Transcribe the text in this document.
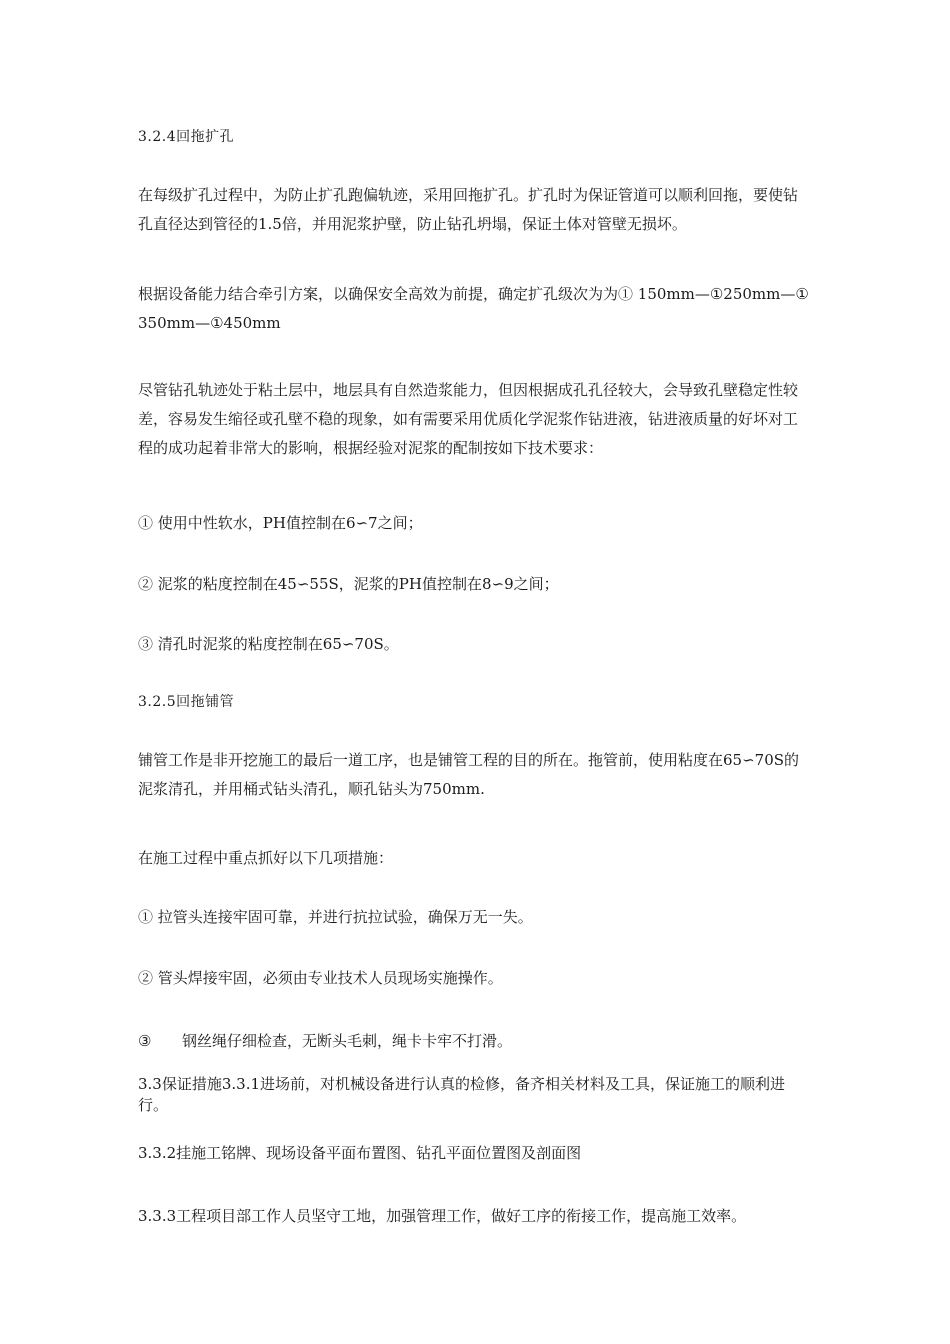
3.2.4回拖扩孔

在每级扩孔过程中，为防止扩孔跑偏轨迹，采用回拖扩孔。扩孔时为保证管道可以顺利回拖，要使钻孔直径达到管径的1.5倍，并用泥浆护壁，防止钻孔坍塌，保证土体对管壁无损坏。

根据设备能力结合牵引方案，以确保安全高效为前提，确定扩孔级次为为① 150mm—①250mm—①350mm—①450mm

尽管钻孔轨迹处于粘土层中，地层具有自然造浆能力，但因根据成孔孔径较大，会导致孔壁稳定性较差，容易发生缩径或孔壁不稳的现象，如有需要采用优质化学泥浆作钻进液，钻进液质量的好坏对工程的成功起着非常大的影响，根据经验对泥浆的配制按如下技术要求：

① 使用中性软水，PH值控制在6∽7之间；

② 泥浆的粘度控制在45∽55S，泥浆的PH值控制在8∽9之间；

③ 清孔时泥浆的粘度控制在65∽70S。

3.2.5回拖铺管

铺管工作是非开挖施工的最后一道工序，也是铺管工程的目的所在。拖管前，使用粘度在65∽70S的泥浆清孔，并用桶式钻头清孔，顺孔钻头为750mm.

在施工过程中重点抓好以下几项措施：

① 拉管头连接牢固可靠，并进行抗拉试验，确保万无一失。

② 管头焊接牢固，必须由专业技术人员现场实施操作。

③ 钢丝绳仔细检查，无断头毛刺，绳卡卡牢不打滑。

3.3保证措施3.3.1进场前，对机械设备进行认真的检修，备齐相关材料及工具，保证施工的顺利进行。

3.3.2挂施工铭牌、现场设备平面布置图、钻孔平面位置图及剖面图

3.3.3工程项目部工作人员坚守工地，加强管理工作，做好工序的衔接工作，提高施工效率。
